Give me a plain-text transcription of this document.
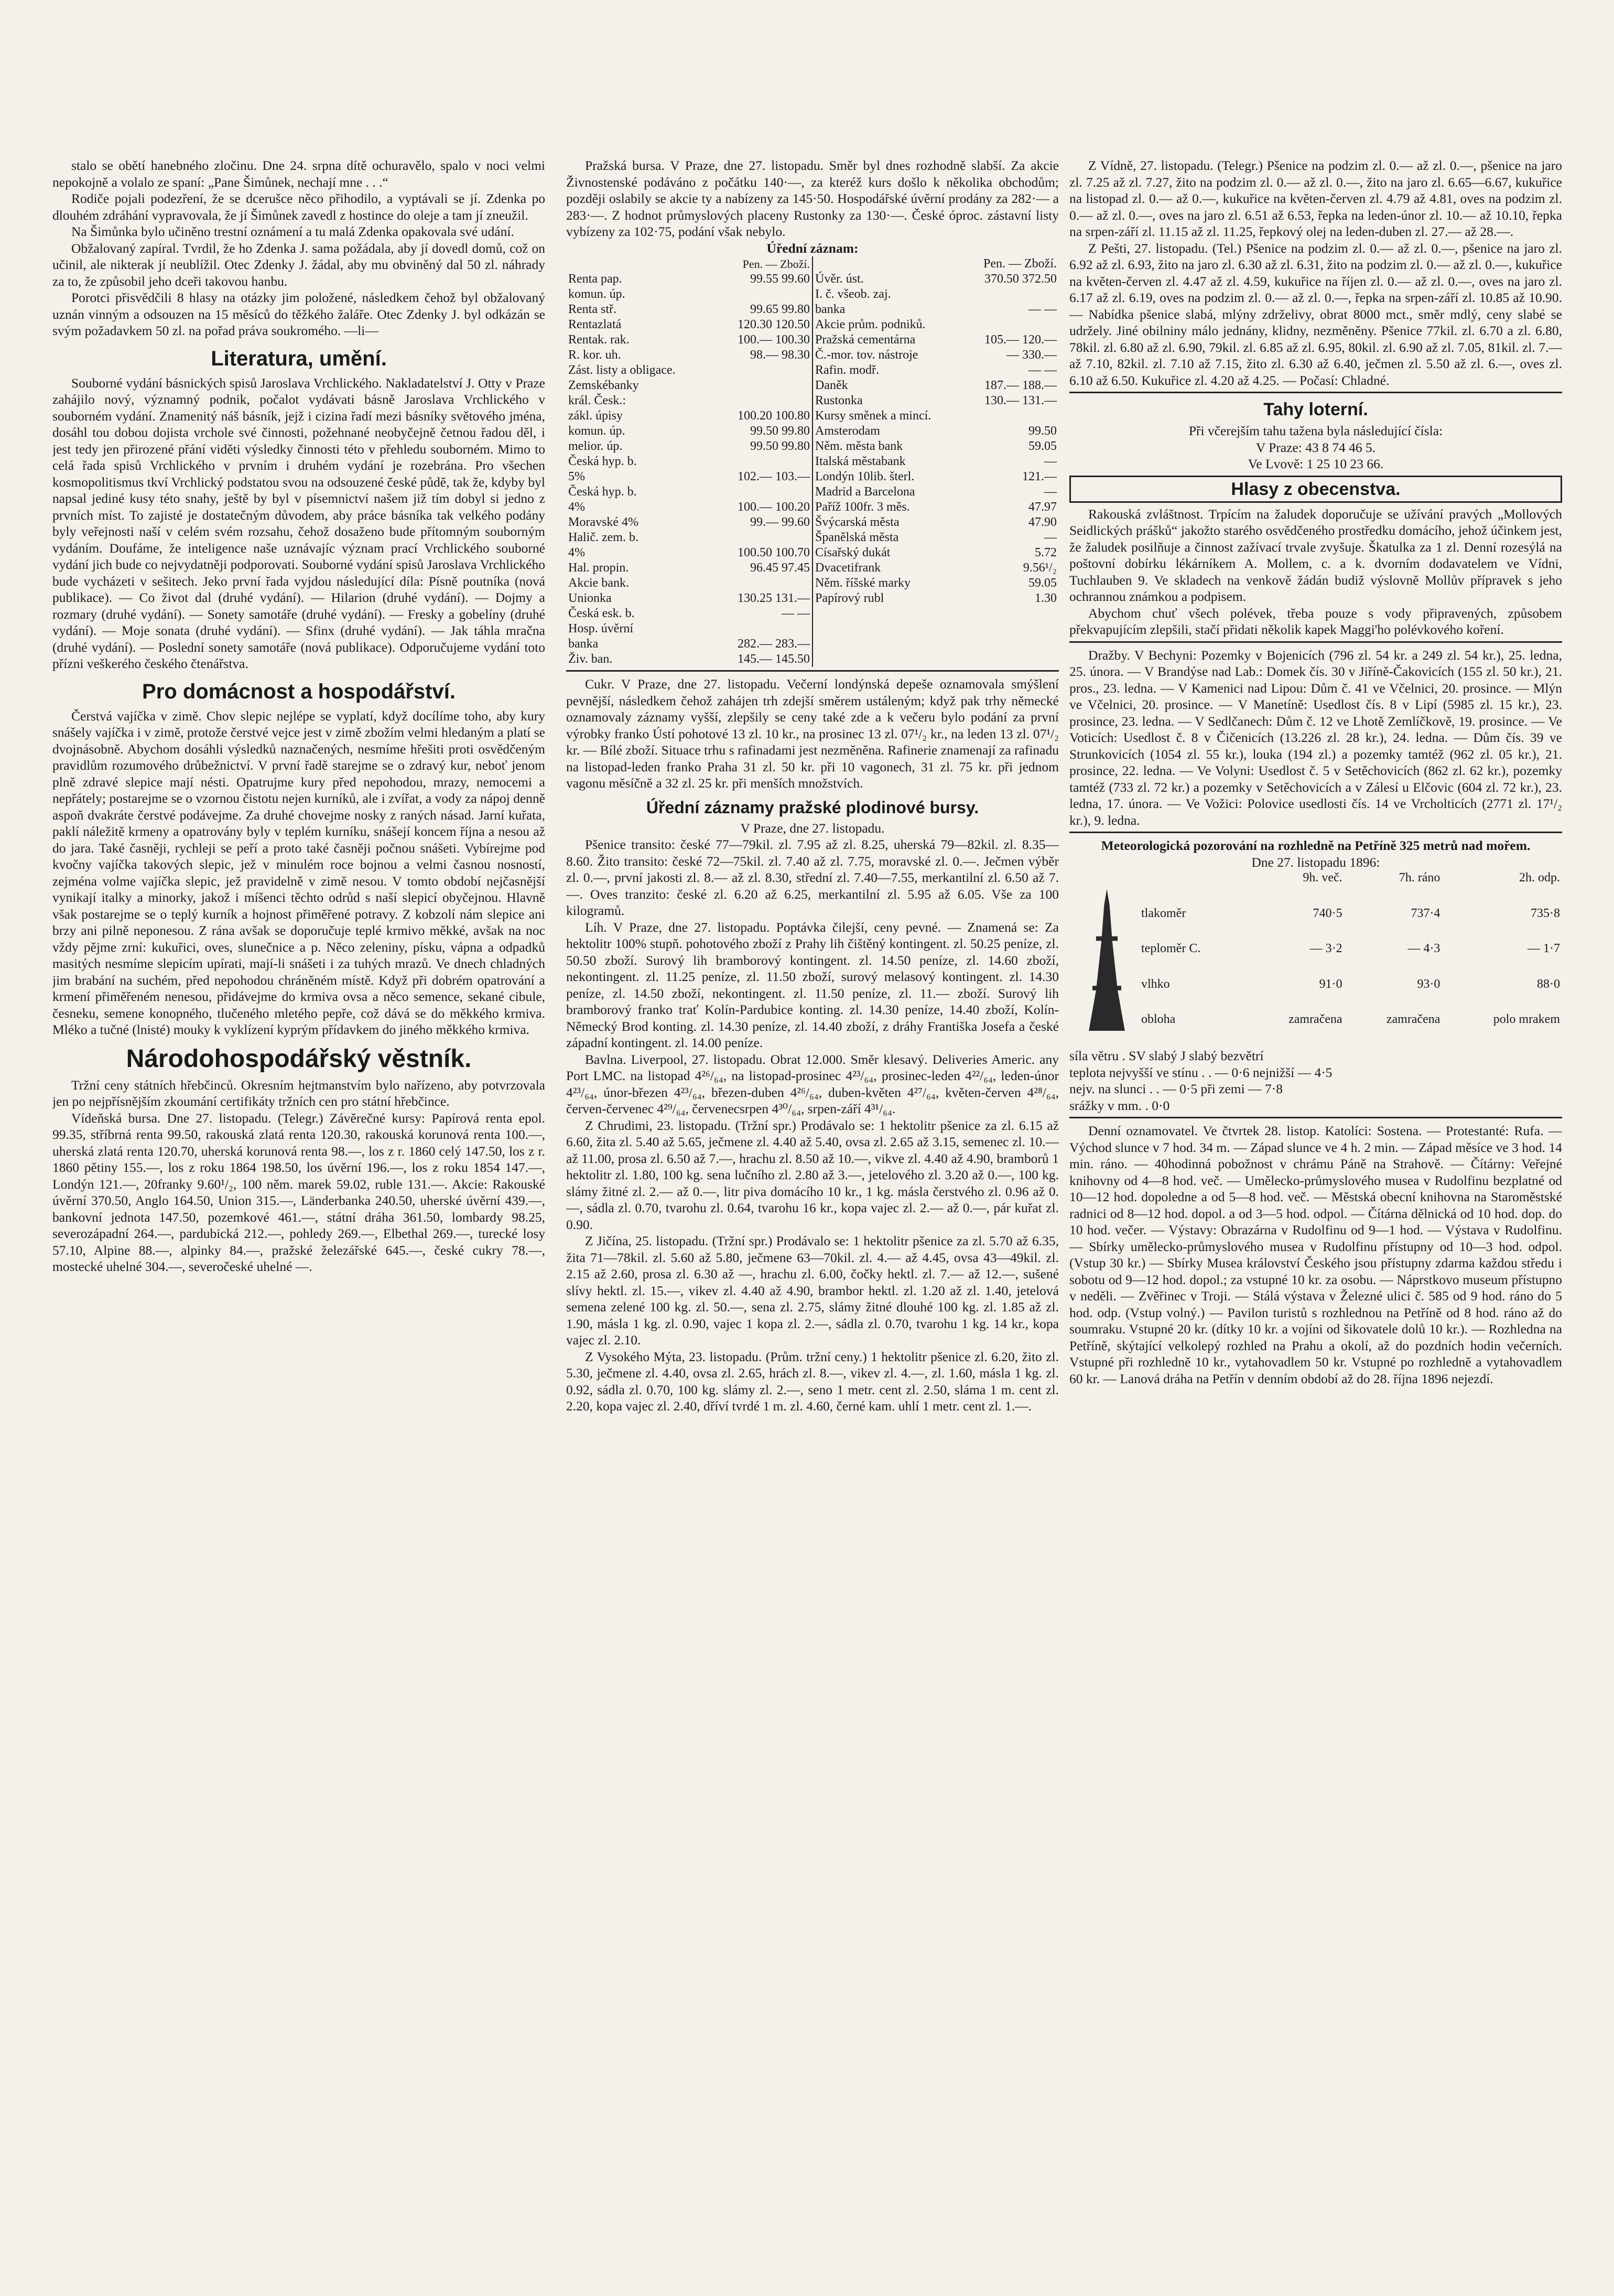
stalo se obětí hanebného zločinu. Dne 24. srpna dítě ochuravělo, spalo v noci velmi nepokojně a volalo ze spaní: „Pane Šimůnek, nechají mne . . .“

Rodiče pojali podezření, že se dcerušce něco přihodilo, a vyptávali se jí. Zdenka po dlouhém zdráhání vypravovala, že jí Šimůnek zavedl z hostince do oleje a tam jí zneužil.

Na Šimůnka bylo učiněno trestní oznámení a tu malá Zdenka opakovala své udání.

Obžalovaný zapíral. Tvrdil, že ho Zdenka J. sama požádala, aby jí dovedl domů, což on učinil, ale nikterak jí neublížil. Otec Zdenky J. žádal, aby mu obviněný dal 50 zl. náhrady za to, že způsobil jeho dceři takovou hanbu.

Porotci přisvědčili 8 hlasy na otázky jim položené, následkem čehož byl obžalovaný uznán vinným a odsouzen na 15 měsíců do těžkého žaláře. Otec Zdenky J. byl odkázán se svým požadavkem 50 zl. na pořad práva soukromého. —li—

Literatura, umění.

Souborné vydání básnických spisů Jaroslava Vrchlického. Nakladatelství J. Otty v Praze zahájilo nový, významný podnik, počalot vydávati básně Jaroslava Vrchlického v souborném vydání. Znamenitý náš básník, jejž i cizina řadí mezi básníky světového jména, dosáhl tou dobou dojista vrchole své činnosti, požehnané neobyčejně četnou řadou děl, i jest tedy jen přirozené přání viděti výsledky činnosti této v přehledu souborném. Mimo to celá řada spisů Vrchlického v prvním i druhém vydání je rozebrána. Pro všechen kosmopolitismus tkví Vrchlický podstatou svou na odsouzené české půdě, tak že, kdyby byl napsal jediné kusy této snahy, ještě by byl v písemnictví našem již tím dobyl si jedno z prvních míst. To zajisté je dostatečným důvodem, aby práce básníka tak velkého podány byly veřejnosti naší v celém svém rozsahu, čehož dosaženo bude přítomným souborným vydáním. Doufáme, že inteligence naše uznávajíc význam prací Vrchlického souborné vydání jich bude co nejvydatněji podporovati. Souborné vydání spisů Jaroslava Vrchlického bude vycházeti v sešitech. Jeko první řada vyjdou následující díla: Písně poutníka (nová publikace). — Co život dal (druhé vydání). — Hilarion (druhé vydání). — Dojmy a rozmary (druhé vydání). — Sonety samotáře (druhé vydání). — Fresky a gobelíny (druhé vydání). — Moje sonata (druhé vydání). — Sfinx (druhé vydání). — Jak táhla mračna (druhé vydání). — Poslední sonety samotáře (nová publikace). Odporučujeme vydání toto přízni veškerého českého čtenářstva.

Pro domácnost a hospodářství.

Čerstvá vajíčka v zimě. Chov slepic nejlépe se vyplatí, když docílíme toho, aby kury snášely vajíčka i v zimě, protože čerstvé vejce jest v zimě zbožím velmi hledaným a platí se dvojnásobně. Abychom dosáhli výsledků naznačených, nesmíme hřešiti proti osvědčeným pravidlům rozumového drůbežnictví. V první řadě starejme se o zdravý kur, neboť jenom plně zdravé slepice mají nésti. Opatrujme kury před nepohodou, mrazy, nemocemi a nepřátely; postarejme se o vzornou čistotu nejen kurníků, ale i zvířat, a vody za nápoj denně aspoň dvakráte čerstvé podávejme. Za druhé chovejme nosky z raných násad. Jarní kuřata, paklí náležitě krmeny a opatrovány byly v teplém kurníku, snášejí koncem října a nesou až do jara. Také časněji, rychleji se peří a proto také časněji počnou snášeti. Vybírejme pod kvočny vajíčka takových slepic, jež v minulém roce bojnou a velmi časnou nosností, zejména volme vajíčka slepic, jež pravidelně v zimě nesou. V tomto období nejčasnější vynikají italky a minorky, jakož i míšenci těchto odrůd s naší slepicí obyčejnou. Hlavně však postarejme se o teplý kurník a hojnost přiměřené potravy. Z kobzolí nám slepice ani brzy ani pilně neponesou. Z rána avšak se doporučuje teplé krmivo měkké, avšak na noc vždy pějme zrní: kukuřici, oves, slunečnice a p. Něco zeleniny, písku, vápna a odpadků masitých nesmíme slepicím upírati, mají-li snášeti i za tuhých mrazů. Ve dnech chladných jim brabání na suchém, před nepohodou chráněném místě. Když při dobrém opatrování a krmení přiměřeném nenesou, přidávejme do krmiva ovsa a něco semence, sekané cibule, česneku, semene konopného, tlučeného mletého pepře, což dává se do měkkého krmiva. Mléko a tučné (lnisté) mouky k vyklízení kyprým přídavkem do jiného měkkého krmiva.

Národohospodářský věstník.

Tržní ceny státních hřebčinců. Okresním hejtmanstvím bylo nařízeno, aby potvrzovala jen po nejpřísnějším zkoumání certifikáty tržních cen pro státní hřebčince.

Vídeňská bursa. Dne 27. listopadu. (Telegr.) Závěrečné kursy: Papírová renta epol. 99.35, stříbrná renta 99.50, rakouská zlatá renta 120.30, rakouská korunová renta 100.—, uherská zlatá renta 120.70, uherská korunová renta 98.—, los z r. 1860 celý 147.50, los z r. 1860 pětiny 155.—, los z roku 1864 198.50, los úvěrní 196.—, los z roku 1854 147.—, Londýn 121.—, 20franky 9.60¹/₂, 100 něm. marek 59.02, ruble 131.—. Akcie: Rakouské úvěrní 370.50, Anglo 164.50, Union 315.—, Länderbanka 240.50, uherské úvěrní 439.—, bankovní jednota 147.50, pozemkové 461.—, státní dráha 361.50, lombardy 98.25, severozápadní 264.—, pardubická 212.—, pohledy 269.—, Elbethal 269.—, turecké losy 57.10, Alpine 88.—, alpinky 84.—, pražské železářské 645.—, české cukry 78.—, mostecké uhelné 304.—, severočeské uhelné —.

Pražská bursa. V Praze, dne 27. listopadu. Směr byl dnes rozhodně slabší. Za akcie Živnostenské podáváno z počátku 140·—, za kteréž kurs došlo k několika obchodům; později oslabily se akcie ty a nabízeny za 145·50. Hospodářské úvěrní prodány za 282·— a 283·—. Z hodnot průmyslových placeny Rustonky za 130·—. České óproc. zástavní listy vybízeny za 102·75, podání však nebylo.

Úřední záznam:
	Pen. — Zboží.
Renta pap.	99.55 99.60
komun. úp.	
Renta stř.	99.65 99.80
Rentazlatá	120.30 120.50
Rentak. rak.	100.— 100.30
R. kor. uh.	98.— 98.30
Zást. listy a obligace.	
Zemskébanky	
král. Česk.:	
zákl. úpisy	100.20 100.80
komun. úp.	99.50 99.80
melior. úp.	99.50 99.80
Česká hyp. b.	
5%	102.— 103.—
Česká hyp. b.	
4%	100.— 100.20
Moravské 4%	99.— 99.60
Halič. zem. b.	
4%	100.50 100.70
Hal. propin.	96.45 97.45
Akcie bank.	
Unionka	130.25 131.—
Česká esk. b.	— —
Hosp. úvěrní	
banka	282.— 283.—
Živ. ban.	145.— 145.50

	Pen. — Zboží.
Úvěr. úst.	370.50 372.50
I. č. všeob. zaj.	
banka	— —
Akcie prům. podniků.	
Pražská cementárna	105.— 120.—
Č.-mor. tov. nástroje	— 330.—
Rafin. modř.	— —
Daněk	187.— 188.—
Rustonka	130.— 131.—
Kursy směnek a mincí.	
Amsterodam	99.50
Něm. města bank	59.05
Italská městabank	—
Londýn 10lib. šterl.	121.—
Madrid a Barcelona	—
Paříž 100fr. 3 měs.	47.97
Švýcarská města	47.90
Španělská města	—
Císařský dukát	5.72
Dvacetifrank	9.56¹/₂
Něm. říšské marky	59.05
Papírový rubl	1.30

Cukr. V Praze, dne 27. listopadu. Večerní londýnská depeše oznamovala smýšlení pevnější, následkem čehož zahájen trh zdejší směrem ustáleným; když pak trhy německé oznamovaly záznamy vyšší, zlepšily se ceny také zde a k večeru bylo podání za první výrobky franko Ústí pohotové 13 zl. 10 kr., na prosinec 13 zl. 07¹/₂ kr., na leden 13 zl. 07¹/₂ kr. — Bílé zboží. Situace trhu s rafinadami jest nezměněna. Rafinerie znamenají za rafinadu na listopad-leden franko Praha 31 zl. 50 kr. při 10 vagonech, 31 zl. 75 kr. při jednom vagonu měsíčně a 32 zl. 25 kr. při menších množstvích.

Úřední záznamy pražské plodinové bursy.
V Praze, dne 27. listopadu.

Pšenice transito: české 77—79kil. zl. 7.95 až zl. 8.25, uherská 79—82kil. zl. 8.35—8.60. Žito transito: české 72—75kil. zl. 7.40 až zl. 7.75, moravské zl. 0.—. Ječmen výběr zl. 0.—, první jakosti zl. 8.— až zl. 8.30, střední zl. 7.40—7.55, merkantilní zl. 6.50 až 7.—. Oves tranzito: české zl. 6.20 až 6.25, merkantilní zl. 5.95 až 6.05. Vše za 100 kilogramů.

Líh. V Praze, dne 27. listopadu. Poptávka čilejší, ceny pevné. — Znamená se: Za hektolitr 100% stupň. pohotového zboží z Prahy lih čištěný kontingent. zl. 50.25 peníze, zl. 50.50 zboží. Surový lih bramborový kontingent. zl. 14.50 peníze, zl. 14.60 zboží, nekontingent. zl. 11.25 peníze, zl. 11.50 zboží, surový melasový kontingent. zl. 14.30 peníze, zl. 14.50 zboží, nekontingent. zl. 11.50 peníze, zl. 11.— zboží. Surový lih bramborový franko trať Kolín-Pardubice konting. zl. 14.30 peníze, 14.40 zboží, Kolín-Německý Brod konting. zl. 14.30 peníze, zl. 14.40 zboží, z dráhy Františka Josefa a české západní kontingent. zl. 14.00 peníze.

Bavlna. Liverpool, 27. listopadu. Obrat 12.000. Směr klesavý. Deliveries Americ. any Port LMC. na listopad 4²⁶/₆₄, na listopad-prosinec 4²³/₆₄, prosinec-leden 4²²/₆₄, leden-únor 4²³/₆₄, únor-březen 4²³/₆₄, březen-duben 4²⁶/₆₄, duben-květen 4²⁷/₆₄, květen-červen 4²⁸/₆₄, červen-červenec 4²⁹/₆₄, červenecsrpen 4³⁰/₆₄, srpen-září 4³¹/₆₄.

Z Chrudimi, 23. listopadu. (Tržní spr.) Prodávalo se: 1 hektolitr pšenice za zl. 6.15 až 6.60, žita zl. 5.40 až 5.65, ječmene zl. 4.40 až 5.40, ovsa zl. 2.65 až 3.15, semenec zl. 10.— až 11.00, prosa zl. 6.50 až 7.—, hrachu zl. 8.50 až 10.—, vikve zl. 4.40 až 4.90, bramborů 1 hektolitr zl. 1.80, 100 kg. sena lučního zl. 2.80 až 3.—, jetelového zl. 3.20 až 0.—, 100 kg. slámy žitné zl. 2.— až 0.—, litr piva domácího 10 kr., 1 kg. másla čerstvého zl. 0.96 až 0.—, sádla zl. 0.70, tvarohu zl. 0.64, tvarohu 16 kr., kopa vajec zl. 2.— až 0.—, pár kuřat zl. 0.90.

Z Jičína, 25. listopadu. (Tržní spr.) Prodávalo se: 1 hektolitr pšenice za zl. 5.70 až 6.35, žita 71—78kil. zl. 5.60 až 5.80, ječmene 63—70kil. zl. 4.— až 4.45, ovsa 43—49kil. zl. 2.15 až 2.60, prosa zl. 6.30 až —, hrachu zl. 6.00, čočky hektl. zl. 7.— až 12.—, sušené slívy hektl. zl. 15.—, vikev zl. 4.40 až 4.90, brambor hektl. zl. 1.20 až zl. 1.40, jetelová semena zelené 100 kg. zl. 50.—, sena zl. 2.75, slámy žitné dlouhé 100 kg. zl. 1.85 až zl. 1.90, másla 1 kg. zl. 0.90, vajec 1 kopa zl. 2.—, sádla zl. 0.70, tvarohu 1 kg. 14 kr., kopa vajec zl. 2.10.

Z Vysokého Mýta, 23. listopadu. (Prům. tržní ceny.) 1 hektolitr pšenice zl. 6.20, žito zl. 5.30, ječmene zl. 4.40, ovsa zl. 2.65, hrách zl. 8.—, vikev zl. 4.—, zl. 1.60, másla 1 kg. zl. 0.92, sádla zl. 0.70, 100 kg. slámy zl. 2.—, seno 1 metr. cent zl. 2.50, sláma 1 m. cent zl. 2.20, kopa vajec zl. 2.40, dříví tvrdé 1 m. zl. 4.60, černé kam. uhlí 1 metr. cent zl. 1.—.

Z Vídně, 27. listopadu. (Telegr.) Pšenice na podzim zl. 0.— až zl. 0.—, pšenice na jaro zl. 7.25 až zl. 7.27, žito na podzim zl. 0.— až zl. 0.—, žito na jaro zl. 6.65—6.67, kukuřice na listopad zl. 0.— až 0.—, kukuřice na květen-červen zl. 4.79 až 4.81, oves na podzim zl. 0.— až zl. 0.—, oves na jaro zl. 6.51 až 6.53, řepka na leden-únor zl. 10.— až 10.10, řepka na srpen-září zl. 11.15 až zl. 11.25, řepkový olej na leden-duben zl. 27.— až 28.—.

Z Pešti, 27. listopadu. (Tel.) Pšenice na podzim zl. 0.— až zl. 0.—, pšenice na jaro zl. 6.92 až zl. 6.93, žito na jaro zl. 6.30 až zl. 6.31, žito na podzim zl. 0.— až zl. 0.—, kukuřice na květen-červen zl. 4.47 až zl. 4.59, kukuřice na říjen zl. 0.— až zl. 0.—, oves na jaro zl. 6.17 až zl. 6.19, oves na podzim zl. 0.— až zl. 0.—, řepka na srpen-září zl. 10.85 až 10.90. — Nabídka pšenice slabá, mlýny zdrželivy, obrat 8000 mct., směr mdlý, ceny slabé se udržely. Jiné obilniny málo jednány, klidny, nezměněny. Pšenice 77kil. zl. 6.70 a zl. 6.80, 78kil. zl. 6.80 až zl. 6.90, 79kil. zl. 6.85 až zl. 6.95, 80kil. zl. 6.90 až zl. 7.05, 81kil. zl. 7.— až 7.10, 82kil. zl. 7.10 až 7.15, žito zl. 6.30 až 6.40, ječmen zl. 5.50 až zl. 6.—, oves zl. 6.10 až 6.50. Kukuřice zl. 4.20 až 4.25. — Počasí: Chladné.

Tahy loterní.
Při včerejším tahu tažena byla následující čísla:
V Praze: 43 8 74 46 5.
Ve Lvově: 1 25 10 23 66.
Hlasy z obecenstva.

Rakouská zvláštnost. Trpícím na žaludek doporučuje se užívání pravých „Mollových Seidlických prášků“ jakožto starého osvědčeného prostředku domácího, jehož účinkem jest, že žaludek posilňuje a činnost zažívací trvale zvyšuje. Škatulka za 1 zl. Denní rozesýlá na poštovní dobírku lékárníkem A. Mollem, c. a k. dvorním dodavatelem ve Vídni, Tuchlauben 9. Ve skladech na venkově žádán budiž výslovně Mollův přípravek s jeho ochrannou známkou a podpisem.

Abychom chuť všech polévek, třeba pouze s vody připravených, způsobem překvapujícím zlepšili, stačí přidati několik kapek Maggi'ho polévkového koření.

Dražby. V Bechyni: Pozemky v Bojenicích (796 zl. 54 kr. a 249 zl. 54 kr.), 25. ledna, 25. února. — V Brandýse nad Lab.: Domek čís. 30 v Jiříně-Čakovicích (155 zl. 50 kr.), 21. pros., 23. ledna. — V Kamenici nad Lipou: Dům č. 41 ve Včelnici, 20. prosince. — Mlýn ve Včelnici, 20. prosince. — V Manetíně: Usedlost čís. 8 v Lipí (5985 zl. 15 kr.), 23. prosince, 23. ledna. — V Sedlčanech: Dům č. 12 ve Lhotě Zemlíčkově, 19. prosince. — Ve Voticích: Usedlost č. 8 v Čičenicích (13.226 zl. 28 kr.), 24. ledna. — Dům čís. 39 ve Strunkovicích (1054 zl. 55 kr.), louka (194 zl.) a pozemky tamtéž (962 zl. 05 kr.), 21. prosince, 22. ledna. — Ve Volyni: Usedlost č. 5 v Setěchovicích (862 zl. 62 kr.), pozemky tamtéž (733 zl. 72 kr.) a pozemky v Setěchovicích a v Zálesí u Elčovic (604 zl. 72 kr.), 23. ledna, 17. února. — Ve Vožici: Polovice usedlosti čís. 14 ve Vrcholticích (2771 zl. 17¹/₂ kr.), 9. ledna.

Meteorologická pozorování na rozhledně na Petříně 325 metrů nad mořem.
Dne 27. listopadu 1896:
	9h. več.	7h. ráno	2h. odp.
tlakoměr	740·5	737·4	735·8
teploměr C.	— 3·2	— 4·3	— 1·7
vlhko	91·0	93·0	88·0
obloha	zamračena	zamračena	polo mrakem
síla větru . SV slabý J slabý bezvětrí
teplota nejvyšší ve stínu . . — 0·6 nejnižší — 4·5
nejv. na slunci . . — 0·5 při zemi — 7·8
srážky v mm. . 0·0

Denní oznamovatel. Ve čtvrtek 28. listop. Katolíci: Sostena. — Protestanté: Rufa. — Východ slunce v 7 hod. 34 m. — Západ slunce ve 4 h. 2 min. — Západ měsíce ve 3 hod. 14 min. ráno. — 40hodinná pobožnost v chrámu Páně na Strahově. — Čítárny: Veřejné knihovny od 4—8 hod. več. — Umělecko-průmyslového musea v Rudolfinu bezplatné od 10—12 hod. dopoledne a od 5—8 hod. več. — Městská obecní knihovna na Staroměstské radnici od 8—12 hod. dopol. a od 3—5 hod. odpol. — Čítárna dělnická od 10 hod. dop. do 10 hod. večer. — Výstavy: Obrazárna v Rudolfinu od 9—1 hod. — Výstava v Rudolfinu. — Sbírky umělecko-průmyslového musea v Rudolfinu přístupny od 10—3 hod. odpol. (Vstup 30 kr.) — Sbírky Musea království Českého jsou přístupny zdarma každou středu i sobotu od 9—12 hod. dopol.; za vstupné 10 kr. za osobu. — Náprstkovo museum přístupno v neděli. — Zvěřinec v Troji. — Stálá výstava v Železné ulici č. 585 od 9 hod. ráno do 5 hod. odp. (Vstup volný.) — Pavilon turistů s rozhlednou na Petříně od 8 hod. ráno až do soumraku. Vstupné 20 kr. (dítky 10 kr. a vojíni od šikovatele dolů 10 kr.). — Rozhledna na Petříně, skýtající velkolepý rozhled na Prahu a okolí, až do pozdních hodin večerních. Vstupné při rozhledně 10 kr., vytahovadlem 50 kr. Vstupné po rozhledně a vytahovadlem 60 kr. — Lanová dráha na Petřín v denním období až do 28. října 1896 nejezdí.
